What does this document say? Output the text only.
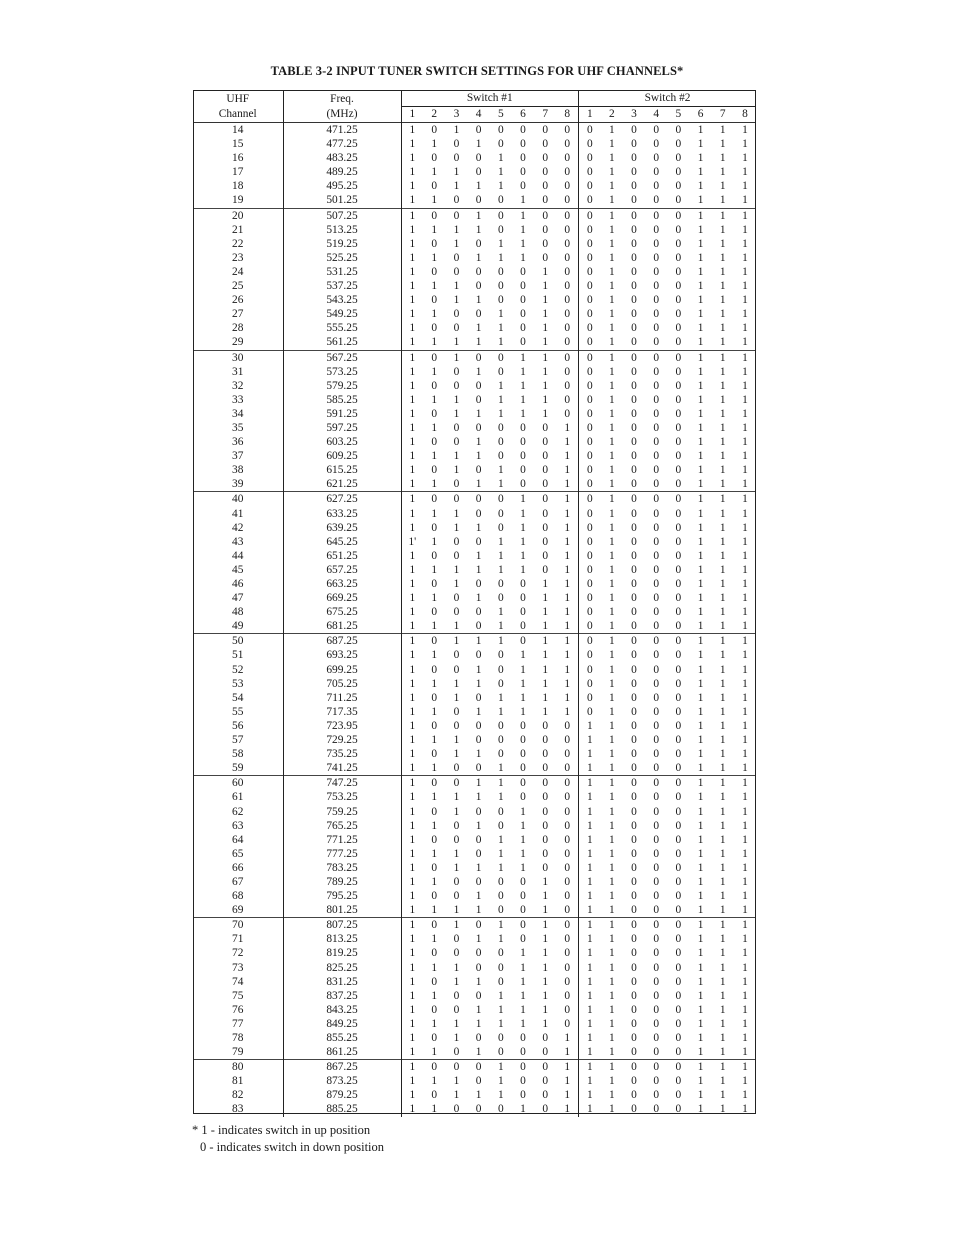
TABLE 3-2 INPUT TUNER SWITCH SETTINGS FOR UHF CHANNELS*
UHF	Freq.	Switch #1								Switch #2							
Channel	(MHz)	1	2	3	4	5	6	7	8	1	2	3	4	5	6	7	8
14	471.25	1	0	1	0	0	0	0	0	0	1	0	0	0	1	1	1
15	477.25	1	1	0	1	0	0	0	0	0	1	0	0	0	1	1	1
16	483.25	1	0	0	0	1	0	0	0	0	1	0	0	0	1	1	1
17	489.25	1	1	1	0	1	0	0	0	0	1	0	0	0	1	1	1
18	495.25	1	0	1	1	1	0	0	0	0	1	0	0	0	1	1	1
19	501.25	1	1	0	0	0	1	0	0	0	1	0	0	0	1	1	1
20	507.25	1	0	0	1	0	1	0	0	0	1	0	0	0	1	1	1
21	513.25	1	1	1	1	0	1	0	0	0	1	0	0	0	1	1	1
22	519.25	1	0	1	0	1	1	0	0	0	1	0	0	0	1	1	1
23	525.25	1	1	0	1	1	1	0	0	0	1	0	0	0	1	1	1
24	531.25	1	0	0	0	0	0	1	0	0	1	0	0	0	1	1	1
25	537.25	1	1	1	0	0	0	1	0	0	1	0	0	0	1	1	1
26	543.25	1	0	1	1	0	0	1	0	0	1	0	0	0	1	1	1
27	549.25	1	1	0	0	1	0	1	0	0	1	0	0	0	1	1	1
28	555.25	1	0	0	1	1	0	1	0	0	1	0	0	0	1	1	1
29	561.25	1	1	1	1	1	0	1	0	0	1	0	0	0	1	1	1
30	567.25	1	0	1	0	0	1	1	0	0	1	0	0	0	1	1	1
31	573.25	1	1	0	1	0	1	1	0	0	1	0	0	0	1	1	1
32	579.25	1	0	0	0	1	1	1	0	0	1	0	0	0	1	1	1
33	585.25	1	1	1	0	1	1	1	0	0	1	0	0	0	1	1	1
34	591.25	1	0	1	1	1	1	1	0	0	1	0	0	0	1	1	1
35	597.25	1	1	0	0	0	0	0	1	0	1	0	0	0	1	1	1
36	603.25	1	0	0	1	0	0	0	1	0	1	0	0	0	1	1	1
37	609.25	1	1	1	1	0	0	0	1	0	1	0	0	0	1	1	1
38	615.25	1	0	1	0	1	0	0	1	0	1	0	0	0	1	1	1
39	621.25	1	1	0	1	1	0	0	1	0	1	0	0	0	1	1	1
40	627.25	1	0	0	0	0	1	0	1	0	1	0	0	0	1	1	1
41	633.25	1	1	1	0	0	1	0	1	0	1	0	0	0	1	1	1
42	639.25	1	0	1	1	0	1	0	1	0	1	0	0	0	1	1	1
43	645.25	1'	1	0	0	1	1	0	1	0	1	0	0	0	1	1	1
44	651.25	1	0	0	1	1	1	0	1	0	1	0	0	0	1	1	1
45	657.25	1	1	1	1	1	1	0	1	0	1	0	0	0	1	1	1
46	663.25	1	0	1	0	0	0	1	1	0	1	0	0	0	1	1	1
47	669.25	1	1	0	1	0	0	1	1	0	1	0	0	0	1	1	1
48	675.25	1	0	0	0	1	0	1	1	0	1	0	0	0	1	1	1
49	681.25	1	1	1	0	1	0	1	1	0	1	0	0	0	1	1	1
50	687.25	1	0	1	1	1	0	1	1	0	1	0	0	0	1	1	1
51	693.25	1	1	0	0	0	1	1	1	0	1	0	0	0	1	1	1
52	699.25	1	0	0	1	0	1	1	1	0	1	0	0	0	1	1	1
53	705.25	1	1	1	1	0	1	1	1	0	1	0	0	0	1	1	1
54	711.25	1	0	1	0	1	1	1	1	0	1	0	0	0	1	1	1
55	717.35	1	1	0	1	1	1	1	1	0	1	0	0	0	1	1	1
56	723.95	1	0	0	0	0	0	0	0	1	1	0	0	0	1	1	1
57	729.25	1	1	1	0	0	0	0	0	1	1	0	0	0	1	1	1
58	735.25	1	0	1	1	0	0	0	0	1	1	0	0	0	1	1	1
59	741.25	1	1	0	0	1	0	0	0	1	1	0	0	0	1	1	1
60	747.25	1	0	0	1	1	0	0	0	1	1	0	0	0	1	1	1
61	753.25	1	1	1	1	1	0	0	0	1	1	0	0	0	1	1	1
62	759.25	1	0	1	0	0	1	0	0	1	1	0	0	0	1	1	1
63	765.25	1	1	0	1	0	1	0	0	1	1	0	0	0	1	1	1
64	771.25	1	0	0	0	1	1	0	0	1	1	0	0	0	1	1	1
65	777.25	1	1	1	0	1	1	0	0	1	1	0	0	0	1	1	1
66	783.25	1	0	1	1	1	1	0	0	1	1	0	0	0	1	1	1
67	789.25	1	1	0	0	0	0	1	0	1	1	0	0	0	1	1	1
68	795.25	1	0	0	1	0	0	1	0	1	1	0	0	0	1	1	1
69	801.25	1	1	1	1	0	0	1	0	1	1	0	0	0	1	1	1
70	807.25	1	0	1	0	1	0	1	0	1	1	0	0	0	1	1	1
71	813.25	1	1	0	1	1	0	1	0	1	1	0	0	0	1	1	1
72	819.25	1	0	0	0	0	1	1	0	1	1	0	0	0	1	1	1
73	825.25	1	1	1	0	0	1	1	0	1	1	0	0	0	1	1	1
74	831.25	1	0	1	1	0	1	1	0	1	1	0	0	0	1	1	1
75	837.25	1	1	0	0	1	1	1	0	1	1	0	0	0	1	1	1
76	843.25	1	0	0	1	1	1	1	0	1	1	0	0	0	1	1	1
77	849.25	1	1	1	1	1	1	1	0	1	1	0	0	0	1	1	1
78	855.25	1	0	1	0	0	0	0	1	1	1	0	0	0	1	1	1
79	861.25	1	1	0	1	0	0	0	1	1	1	0	0	0	1	1	1
80	867.25	1	0	0	0	1	0	0	1	1	1	0	0	0	1	1	1
81	873.25	1	1	1	0	1	0	0	1	1	1	0	0	0	1	1	1
82	879.25	1	0	1	1	1	0	0	1	1	1	0	0	0	1	1	1
83	885.25	1	1	0	0	0	1	0	1	1	1	0	0	0	1	1	1
* 1 - indicates switch in up position
0 - indicates switch in down position
